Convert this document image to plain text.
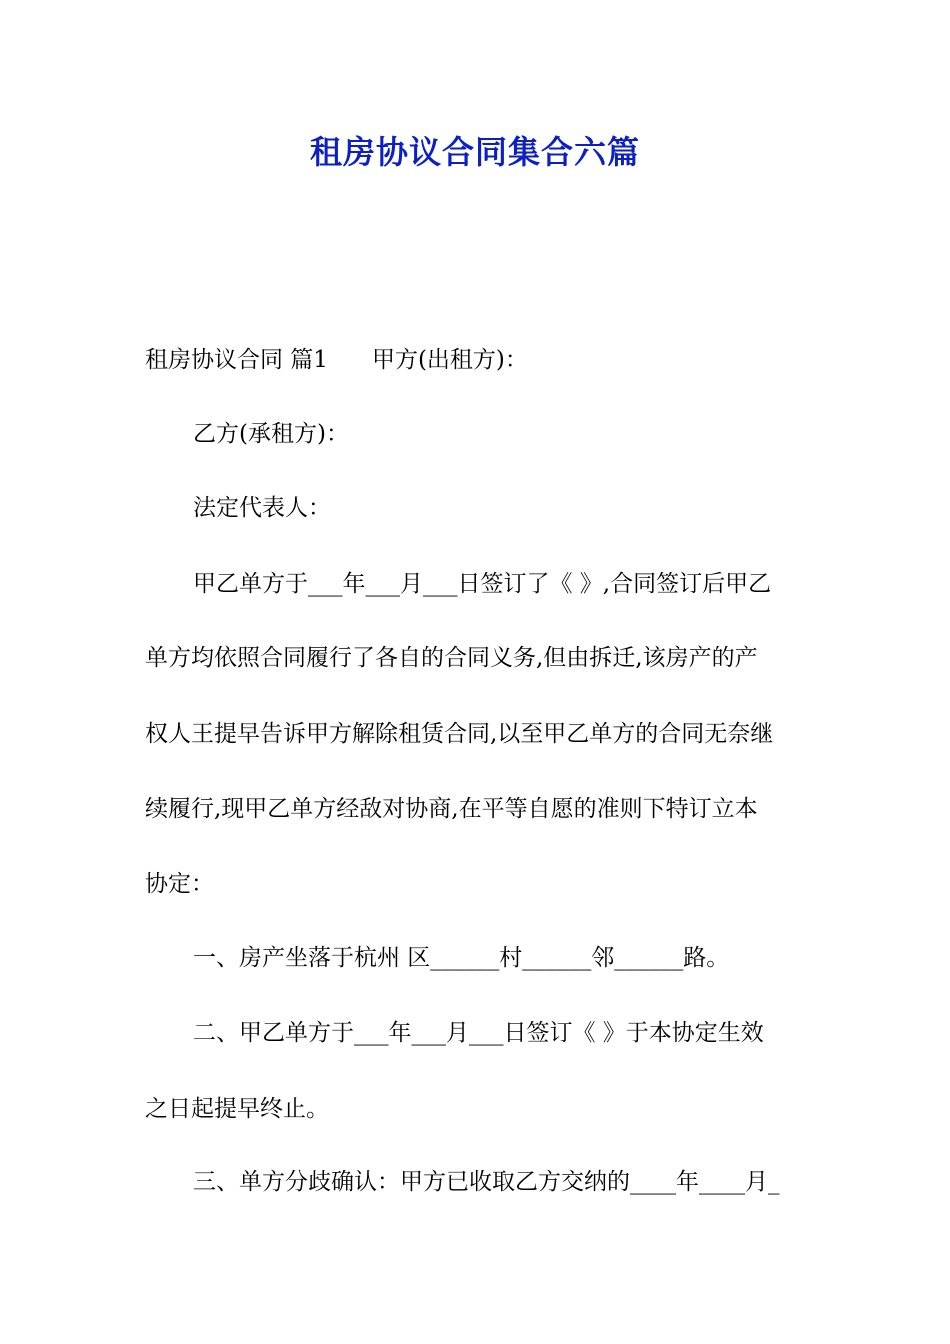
租房协议合同集合六篇
租房协议合同 篇1 甲方(出租方)：
乙方(承租方)：
法定代表人：
甲乙单方于___年___月___日签订了《 》,合同签订后甲乙
单方均依照合同履行了各自的合同义务,但由拆迁,该房产的产
权人王提早告诉甲方解除租赁合同,以至甲乙单方的合同无奈继
续履行,现甲乙单方经敌对协商,在平等自愿的准则下特订立本
协定：
一、房产坐落于杭州 区______村______邻______路。
二、甲乙单方于___年___月___日签订《 》于本协定生效
之日起提早终止。
三、单方分歧确认：甲方已收取乙方交纳的____年____月_
